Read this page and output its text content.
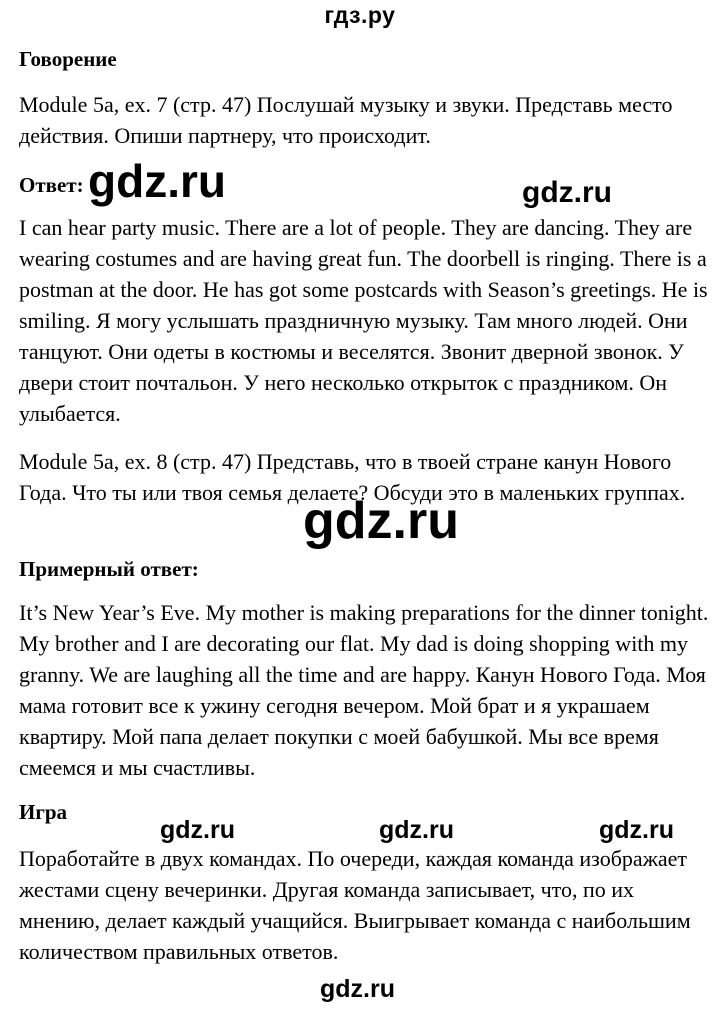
гдз.ру
Говорение

Module 5a, ex. 7 (стр. 47) Послушай музыку и звуки. Представь место действия. Опиши партнеру, что происходит.

Ответ:

I can hear party music. There are a lot of people. They are dancing. They are wearing costumes and are having great fun. The doorbell is ringing. There is a postman at the door. He has got some postcards with Season’s greetings. He is smiling. Я могу услышать праздничную музыку. Там много людей. Они танцуют. Они одеты в костюмы и веселятся. Звонит дверной звонок. У двери стоит почтальон. У него несколько открыток с праздником. Он улыбается.

Module 5a, ex. 8 (стр. 47) Представь, что в твоей стране канун Нового Года. Что ты или твоя семья делаете? Обсуди это в маленьких группах.

Примерный ответ:

It’s New Year’s Eve. My mother is making preparations for the dinner tonight. My brother and I are decorating our flat. My dad is doing shopping with my granny. We are laughing all the time and are happy. Канун Нового Года. Моя мама готовит все к ужину сегодня вечером. Мой брат и я украшаем квартиру. Мой папа делает покупки с моей бабушкой. Мы все время смеемся и мы счастливы.

Игра

Поработайте в двух командах. По очереди, каждая команда изображает жестами сцену вечеринки. Другая команда записывает, что, по их мнению, делает каждый учащийся. Выигрывает команда с наибольшим количеством правильных ответов.

gdz.ru	gdz.ru
gdz.ru
gdz.ru	gdz.ru	gdz.ru
gdz.ru
